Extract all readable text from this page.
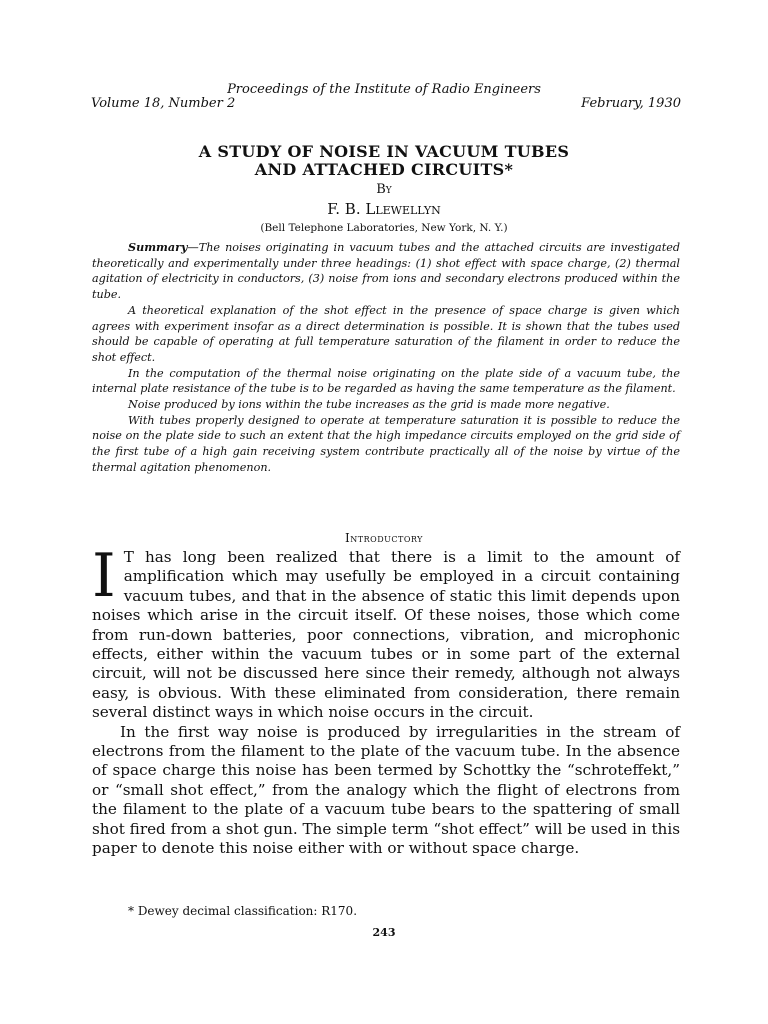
Proceedings of the Institute of Radio Engineers
Volume 18, Number 2	February, 1930
A STUDY OF NOISE IN VACUUM TUBES
AND ATTACHED CIRCUITS*
By
F. B. Llewellyn
(Bell Telephone Laboratories, New York, N. Y.)

Summary—The noises originating in vacuum tubes and the attached circuits are investigated theoretically and experimentally under three headings: (1) shot effect with space charge, (2) thermal agitation of electricity in conductors, (3) noise from ions and secondary electrons produced within the tube.

A theoretical explanation of the shot effect in the presence of space charge is given which agrees with experiment insofar as a direct determination is possible. It is shown that the tubes used should be capable of operating at full temperature saturation of the filament in order to reduce the shot effect.

In the computation of the thermal noise originating on the plate side of a vacuum tube, the internal plate resistance of the tube is to be regarded as having the same temperature as the filament.

Noise produced by ions within the tube increases as the grid is made more negative.

With tubes properly designed to operate at temperature saturation it is possible to reduce the noise on the plate side to such an extent that the high impedance circuits employed on the grid side of the first tube of a high gain receiving system contribute practically all of the noise by virtue of the thermal agitation phenomenon.

Introductory

I T has long been realized that there is a limit to the amount of amplification which may usefully be employed in a circuit containing vacuum tubes, and that in the absence of static this limit depends upon noises which arise in the circuit itself. Of these noises, those which come from run-down batteries, poor connections, vibration, and microphonic effects, either within the vacuum tubes or in some part of the external circuit, will not be discussed here since their remedy, although not always easy, is obvious. With these eliminated from consideration, there remain several distinct ways in which noise occurs in the circuit.

In the first way noise is produced by irregularities in the stream of electrons from the filament to the plate of the vacuum tube. In the absence of space charge this noise has been termed by Schottky the “schroteffekt,” or “small shot effect,” from the analogy which the flight of electrons from the filament to the plate of a vacuum tube bears to the spattering of small shot fired from a shot gun. The simple term “shot effect” will be used in this paper to denote this noise either with or without space charge.

* Dewey decimal classification: R170.
243
